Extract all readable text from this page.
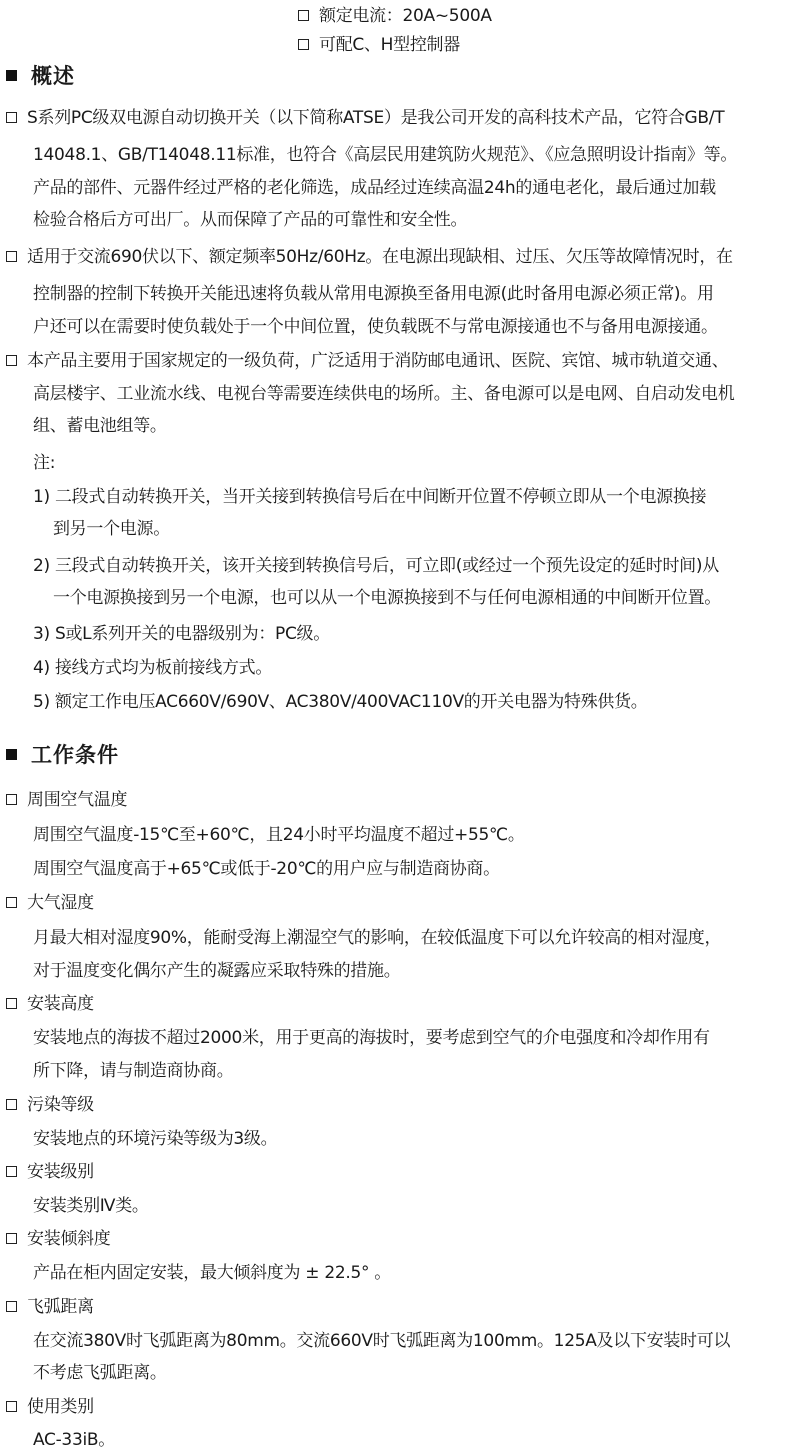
额定电流：20A~500A
可配C、H型控制器
概述
S系列PC级双电源自动切换开关（以下简称ATSE）是我公司开发的高科技术产品，它符合GB/T
14048.1、GB/T14048.11标准，也符合《高层民用建筑防火规范》、《应急照明设计指南》等。
产品的部件、元器件经过严格的老化筛选，成品经过连续高温24h的通电老化，最后通过加载
检验合格后方可出厂。从而保障了产品的可靠性和安全性。
适用于交流690伏以下、额定频率50Hz/60Hz。在电源出现缺相、过压、欠压等故障情况时，在
控制器的控制下转换开关能迅速将负载从常用电源换至备用电源(此时备用电源必须正常)。用
户还可以在需要时使负载处于一个中间位置，使负载既不与常电源接通也不与备用电源接通。
本产品主要用于国家规定的一级负荷，广泛适用于消防邮电通讯、医院、宾馆、城市轨道交通、
高层楼宇、工业流水线、电视台等需要连续供电的场所。主、备电源可以是电网、自启动发电机
组、蓄电池组等。
注:
1) 二段式自动转换开关，当开关接到转换信号后在中间断开位置不停顿立即从一个电源换接
到另一个电源。
2) 三段式自动转换开关，该开关接到转换信号后，可立即(或经过一个预先设定的延时时间)从
一个电源换接到另一个电源，也可以从一个电源换接到不与任何电源相通的中间断开位置。
3) S或L系列开关的电器级别为：PC级。
4) 接线方式均为板前接线方式。
5) 额定工作电压AC660V/690V、AC380V/400VAC110V的开关电器为特殊供货。
工作条件
周围空气温度
周围空气温度-15℃至+60℃，且24小时平均温度不超过+55℃。
周围空气温度高于+65℃或低于-20℃的用户应与制造商协商。
大气湿度
月最大相对湿度90%，能耐受海上潮湿空气的影响，在较低温度下可以允许较高的相对湿度，
对于温度变化偶尔产生的凝露应采取特殊的措施。
安装高度
安装地点的海拔不超过2000米，用于更高的海拔时，要考虑到空气的介电强度和冷却作用有
所下降，请与制造商协商。
污染等级
安装地点的环境污染等级为3级。
安装级别
安装类别Ⅳ类。
安装倾斜度
产品在柜内固定安装，最大倾斜度为 ± 22.5° 。
飞弧距离
在交流380V时飞弧距离为80mm。交流660V时飞弧距离为100mm。125A及以下安装时可以
不考虑飞弧距离。
使用类别
AC-33iB。
